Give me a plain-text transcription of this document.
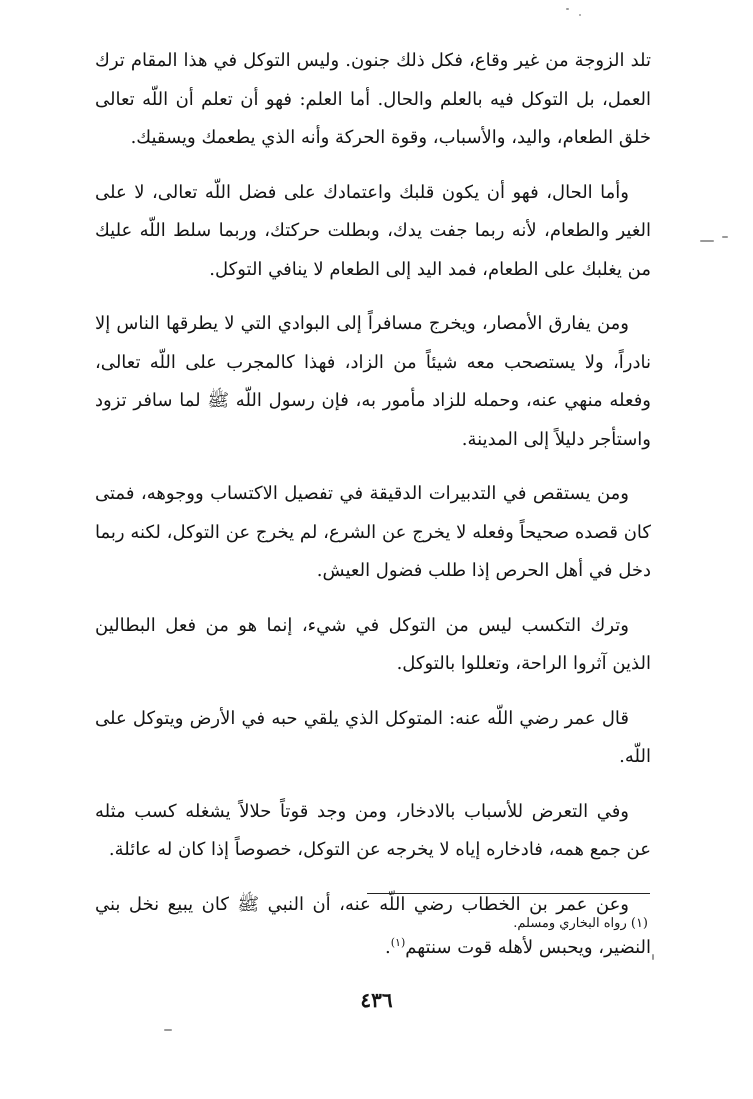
تلد الزوجة من غير وقاع، فكل ذلك جنون. وليس التوكل في هذا المقام ترك العمل، بل التوكل فيه بالعلم والحال. أما العلم: فهو أن تعلم أن اللّه تعالى خلق الطعام، واليد، والأسباب، وقوة الحركة وأنه الذي يطعمك ويسقيك.

وأما الحال، فهو أن يكون قلبك واعتمادك على فضل اللّه تعالى، لا على الغير والطعام، لأنه ربما جفت يدك، وبطلت حركتك، وربما سلط اللّه عليك من يغلبك على الطعام، فمد اليد إلى الطعام لا ينافي التوكل.

ومن يفارق الأمصار، ويخرج مسافراً إلى البوادي التي لا يطرقها الناس إلا نادراً، ولا يستصحب معه شيئاً من الزاد، فهذا كالمجرب على اللّه تعالى، وفعله منهي عنه، وحمله للزاد مأمور به، فإن رسول اللّه ﷺ لما سافر تزود واستأجر دليلاً إلى المدينة.

ومن يستقص في التدبيرات الدقيقة في تفصيل الاكتساب ووجوهه، فمتى كان قصده صحيحاً وفعله لا يخرج عن الشرع، لم يخرج عن التوكل، لكنه ربما دخل في أهل الحرص إذا طلب فضول العيش.

وترك التكسب ليس من التوكل في شيء، إنما هو من فعل البطالين الذين آثروا الراحة، وتعللوا بالتوكل.

قال عمر رضي اللّه عنه: المتوكل الذي يلقي حبه في الأرض ويتوكل على اللّه.

وفي التعرض للأسباب بالادخار، ومن وجد قوتاً حلالاً يشغله كسب مثله عن جمع همه، فادخاره إياه لا يخرجه عن التوكل، خصوصاً إذا كان له عائلة.

وعن عمر بن الخطاب رضي اللّه عنه، أن النبي ﷺ كان يبيع نخل بني النضير، ويحبس لأهله قوت سنتهم$^{(١)}$.

(١) رواه البخاري ومسلم.
٤٣٦
